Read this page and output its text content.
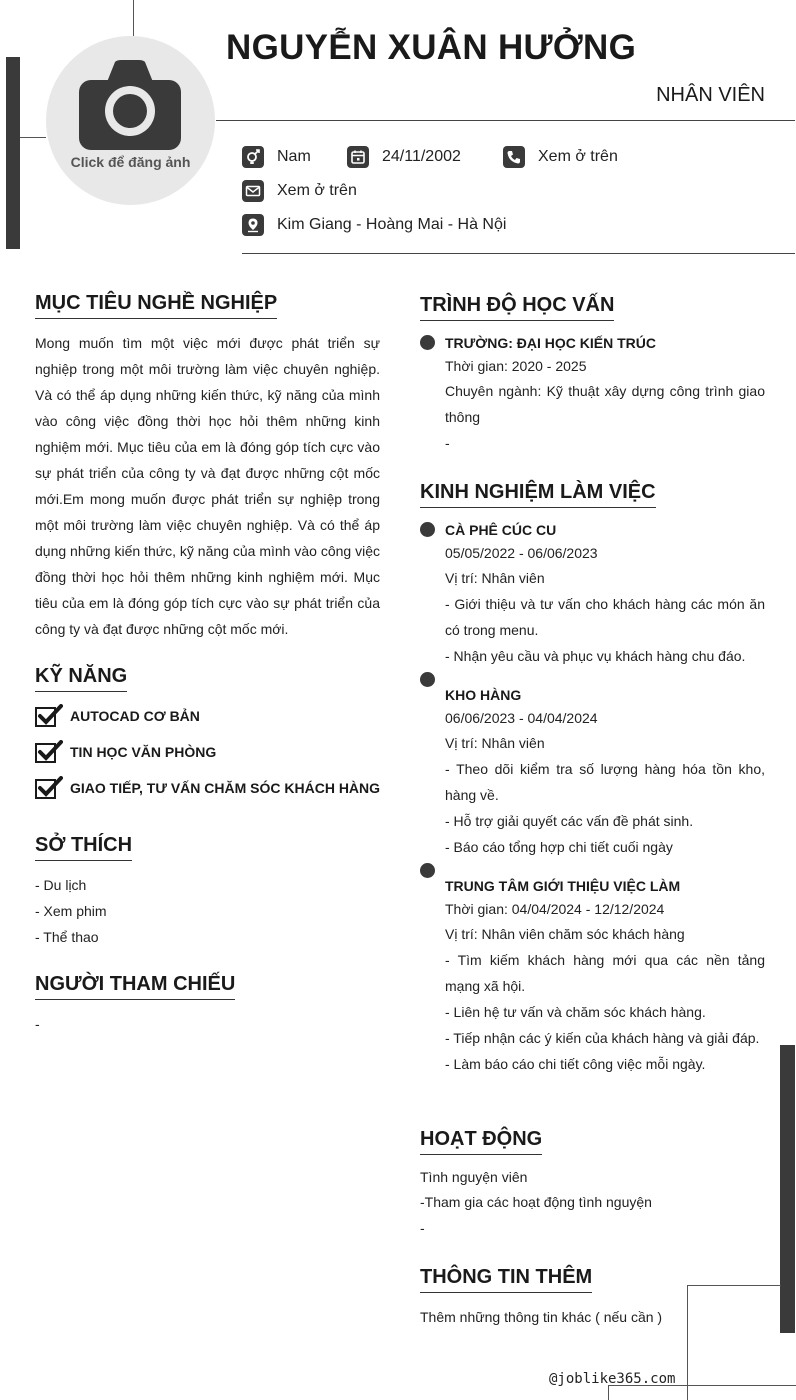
Click để đăng ảnh
NGUYỄN XUÂN HƯỞNG
NHÂN VIÊN
Nam	24/11/2002	Xem ở trên
Xem ở trên
Kim Giang - Hoàng Mai - Hà Nội
MỤC TIÊU NGHỀ NGHIỆP
Mong muốn tìm một việc mới được phát triển sự nghiệp trong một môi trường làm việc chuyên nghiệp. Và có thể áp dụng những kiến thức, kỹ năng của mình vào công việc đồng thời học hỏi thêm những kinh nghiệm mới. Mục tiêu của em là đóng góp tích cực vào sự phát triển của công ty và đạt được những cột mốc mới.Em mong muốn được phát triển sự nghiệp trong một môi trường làm việc chuyên nghiệp. Và có thể áp dụng những kiến thức, kỹ năng của mình vào công việc đồng thời học hỏi thêm những kinh nghiệm mới. Mục tiêu của em là đóng góp tích cực vào sự phát triển của công ty và đạt được những cột mốc mới.
KỸ NĂNG
AUTOCAD CƠ BẢN
TIN HỌC VĂN PHÒNG
GIAO TIẾP, TƯ VẤN CHĂM SÓC KHÁCH HÀNG
SỞ THÍCH
- Du lịch
- Xem phim
- Thể thao
NGƯỜI THAM CHIẾU
-
TRÌNH ĐỘ HỌC VẤN
TRƯỜNG: ĐẠI HỌC KIẾN TRÚC
Thời gian: 2020 - 2025
Chuyên ngành: Kỹ thuật xây dựng công trình giao thông
-
KINH NGHIỆM LÀM VIỆC
CÀ PHÊ CÚC CU
05/05/2022 - 06/06/2023
Vị trí: Nhân viên
- Giới thiệu và tư vấn cho khách hàng các món ăn có trong menu.
- Nhận yêu cầu và phục vụ khách hàng chu đáo.
KHO HÀNG
06/06/2023 - 04/04/2024
Vị trí: Nhân viên
- Theo dõi kiểm tra số lượng hàng hóa tồn kho, hàng về.
- Hỗ trợ giải quyết các vấn đề phát sinh.
- Báo cáo tổng hợp chi tiết cuối ngày
TRUNG TÂM GIỚI THIỆU VIỆC LÀM
Thời gian: 04/04/2024 - 12/12/2024
Vị trí: Nhân viên chăm sóc khách hàng
- Tìm kiếm khách hàng mới qua các nền tảng mạng xã hội.
- Liên hệ tư vấn và chăm sóc khách hàng.
- Tiếp nhận các ý kiến của khách hàng và giải đáp.
- Làm báo cáo chi tiết công việc mỗi ngày.
HOẠT ĐỘNG
Tình nguyện viên
-Tham gia các hoạt động tình nguyện
-
THÔNG TIN THÊM
Thêm những thông tin khác ( nếu cần )
@joblike365.com
